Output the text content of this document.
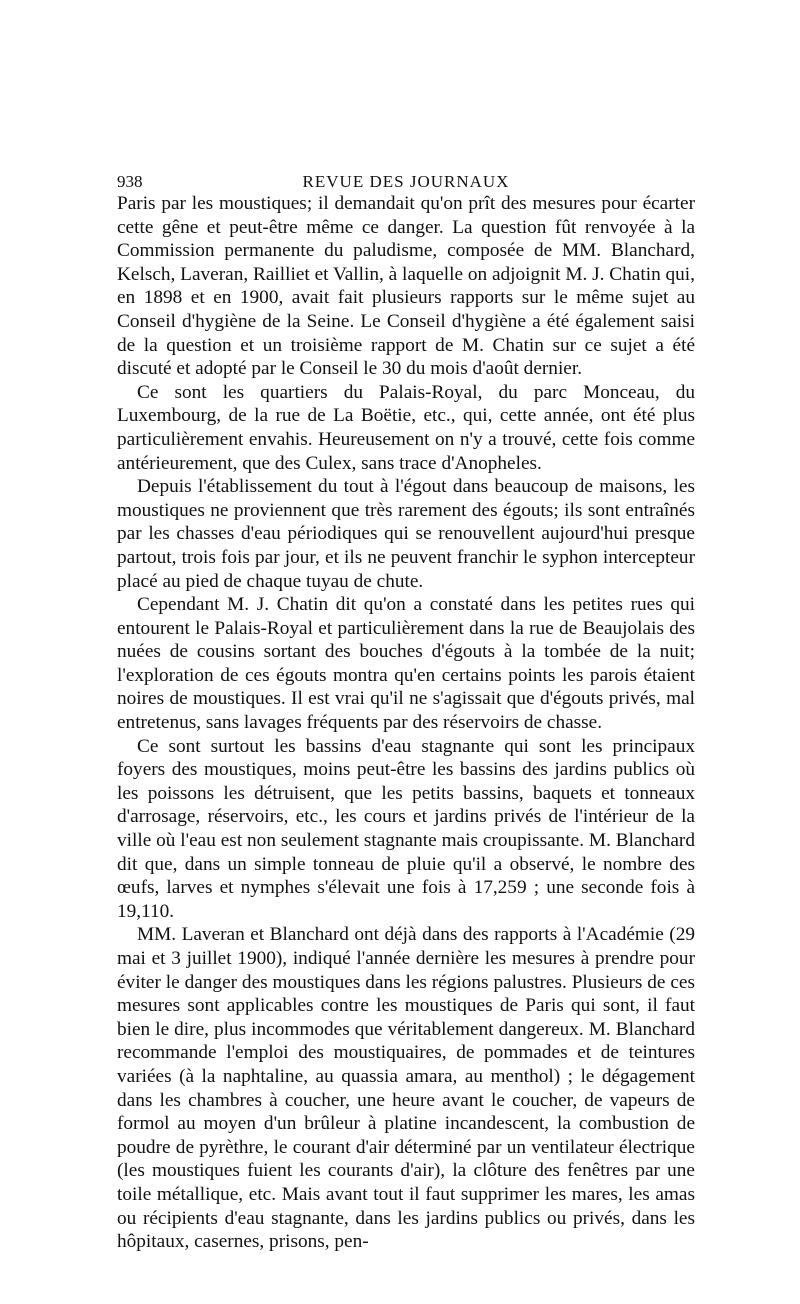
938	REVUE DES JOURNAUX

Paris par les moustiques; il demandait qu'on prît des mesures pour écarter cette gêne et peut-être même ce danger. La question fût renvoyée à la Commission permanente du paludisme, composée de MM. Blanchard, Kelsch, Laveran, Railliet et Vallin, à laquelle on adjoignit M. J. Chatin qui, en 1898 et en 1900, avait fait plusieurs rapports sur le même sujet au Conseil d'hygiène de la Seine. Le Conseil d'hygiène a été également saisi de la question et un troisième rapport de M. Chatin sur ce sujet a été discuté et adopté par le Conseil le 30 du mois d'août dernier.

Ce sont les quartiers du Palais-Royal, du parc Monceau, du Luxembourg, de la rue de La Boëtie, etc., qui, cette année, ont été plus particulièrement envahis. Heureusement on n'y a trouvé, cette fois comme antérieurement, que des Culex, sans trace d'Anopheles.

Depuis l'établissement du tout à l'égout dans beaucoup de maisons, les moustiques ne proviennent que très rarement des égouts; ils sont entraînés par les chasses d'eau périodiques qui se renouvellent aujourd'hui presque partout, trois fois par jour, et ils ne peuvent franchir le syphon intercepteur placé au pied de chaque tuyau de chute.

Cependant M. J. Chatin dit qu'on a constaté dans les petites rues qui entourent le Palais-Royal et particulièrement dans la rue de Beaujolais des nuées de cousins sortant des bouches d'égouts à la tombée de la nuit; l'exploration de ces égouts montra qu'en certains points les parois étaient noires de moustiques. Il est vrai qu'il ne s'agissait que d'égouts privés, mal entretenus, sans lavages fréquents par des réservoirs de chasse.

Ce sont surtout les bassins d'eau stagnante qui sont les principaux foyers des moustiques, moins peut-être les bassins des jardins publics où les poissons les détruisent, que les petits bassins, baquets et tonneaux d'arrosage, réservoirs, etc., les cours et jardins privés de l'intérieur de la ville où l'eau est non seulement stagnante mais croupissante. M. Blanchard dit que, dans un simple tonneau de pluie qu'il a observé, le nombre des œufs, larves et nymphes s'élevait une fois à 17,259 ; une seconde fois à 19,110.

MM. Laveran et Blanchard ont déjà dans des rapports à l'Académie (29 mai et 3 juillet 1900), indiqué l'année dernière les mesures à prendre pour éviter le danger des moustiques dans les régions palustres. Plusieurs de ces mesures sont applicables contre les moustiques de Paris qui sont, il faut bien le dire, plus incommodes que véritablement dangereux. M. Blanchard recommande l'emploi des moustiquaires, de pommades et de teintures variées (à la naphtaline, au quassia amara, au menthol) ; le dégagement dans les chambres à coucher, une heure avant le coucher, de vapeurs de formol au moyen d'un brûleur à platine incandescent, la combustion de poudre de pyrèthre, le courant d'air déterminé par un ventilateur électrique (les moustiques fuient les courants d'air), la clôture des fenêtres par une toile métallique, etc. Mais avant tout il faut supprimer les mares, les amas ou récipients d'eau stagnante, dans les jardins publics ou privés, dans les hôpitaux, casernes, prisons, pen-
